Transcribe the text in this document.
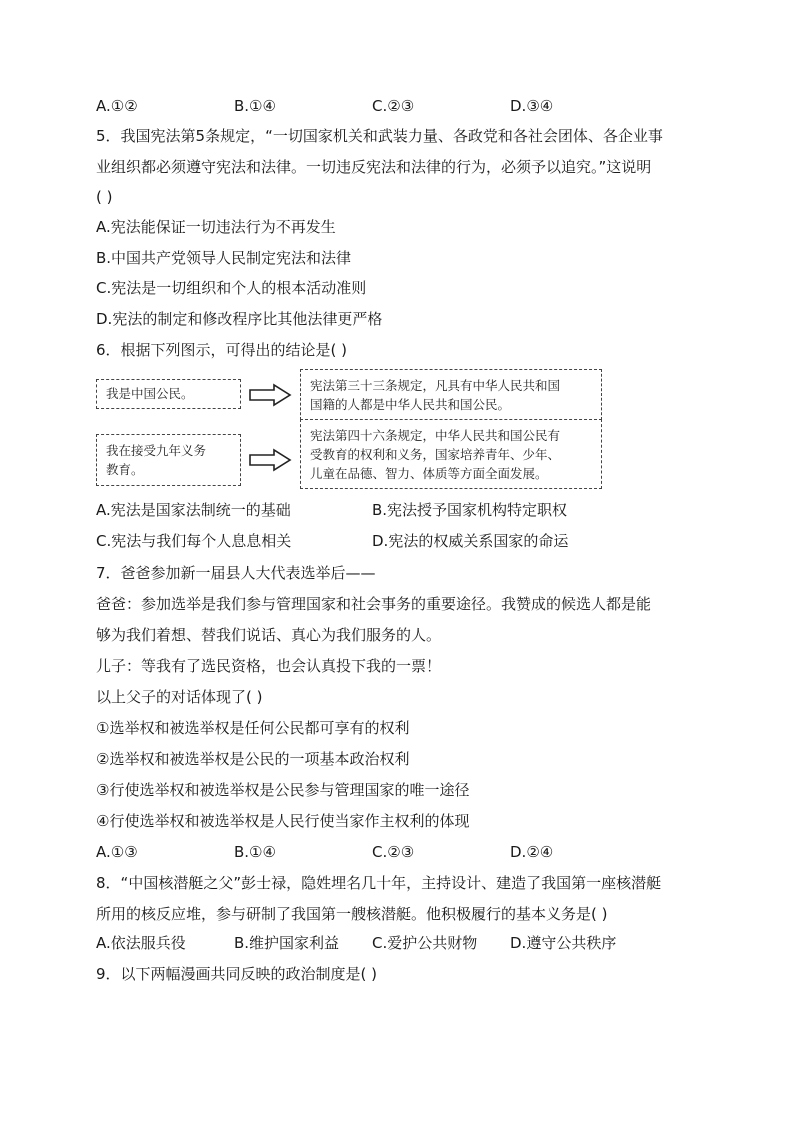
A.①②	B.①④	C.②③	D.③④
5．我国宪法第5条规定，“一切国家机关和武装力量、各政党和各社会团体、各企业事
业组织都必须遵守宪法和法律。一切违反宪法和法律的行为，必须予以追究。”这说明
( )
A.宪法能保证一切违法行为不再发生
B.中国共产党领导人民制定宪法和法律
C.宪法是一切组织和个人的根本活动准则
D.宪法的制定和修改程序比其他法律更严格
6．根据下列图示，可得出的结论是( )
我是中国公民。
我在接受九年义务
教育。
宪法第三十三条规定，凡具有中华人民共和国
国籍的人都是中华人民共和国公民。
宪法第四十六条规定，中华人民共和国公民有
受教育的权利和义务，国家培养青年、少年、
儿童在品德、智力、体质等方面全面发展。
A.宪法是国家法制统一的基础	B.宪法授予国家机构特定职权
C.宪法与我们每个人息息相关	D.宪法的权威关系国家的命运
7．爸爸参加新一届县人大代表选举后——
爸爸：参加选举是我们参与管理国家和社会事务的重要途径。我赞成的候选人都是能
够为我们着想、替我们说话、真心为我们服务的人。
儿子：等我有了选民资格，也会认真投下我的一票！
以上父子的对话体现了( )
①选举权和被选举权是任何公民都可享有的权利
②选举权和被选举权是公民的一项基本政治权利
③行使选举权和被选举权是公民参与管理国家的唯一途径
④行使选举权和被选举权是人民行使当家作主权利的体现
A.①③	B.①④	C.②③	D.②④
8．“中国核潜艇之父”彭士禄，隐姓埋名几十年，主持设计、建造了我国第一座核潜艇
所用的核反应堆，参与研制了我国第一艘核潜艇。他积极履行的基本义务是( )
A.依法服兵役	B.维护国家利益 C.爱护公共财物 D.遵守公共秩序
9．以下两幅漫画共同反映的政治制度是( )
